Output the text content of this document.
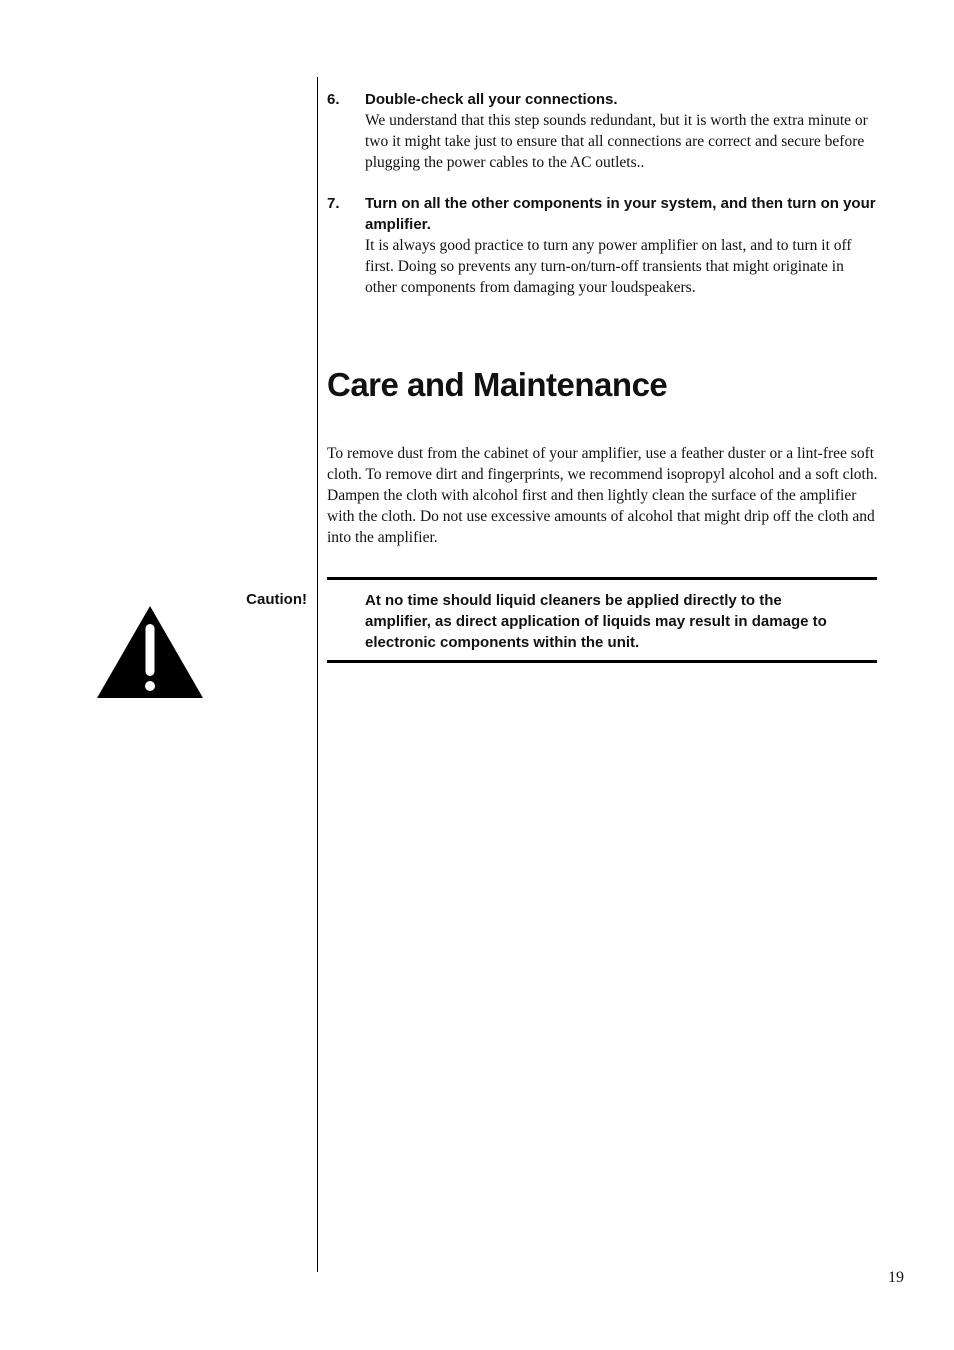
6. Double-check all your connections.
We understand that this step sounds redundant, but it is worth the extra minute or two it might take just to ensure that all connections are correct and secure before plugging the power cables to the AC outlets..
7. Turn on all the other components in your system, and then turn on your amplifier.
It is always good practice to turn any power amplifier on last, and to turn it off first. Doing so prevents any turn-on/turn-off transients that might originate in other components from damaging your loudspeakers.
Care and Maintenance

To remove dust from the cabinet of your amplifier, use a feather duster or a lint-free soft cloth. To remove dirt and fingerprints, we recommend isopropyl alcohol and a soft cloth. Dampen the cloth with alcohol first and then lightly clean the surface of the amplifier with the cloth. Do not use excessive amounts of alcohol that might drip off the cloth and into the amplifier.

Caution!	At no time should liquid cleaners be applied directly to the amplifier, as direct application of liquids may result in damage to electronic components within the unit.

19
